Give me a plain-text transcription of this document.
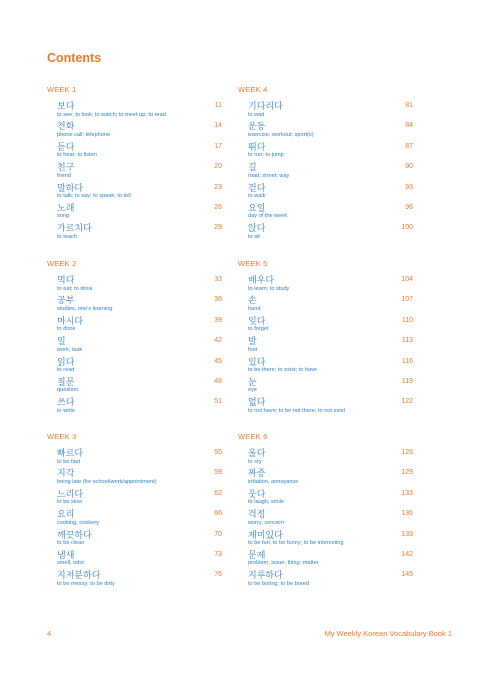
Contents
WEEK 1
보다
to see; to look; to watch; to meet up; to read
11
전화
phone call; telephone
14
듣다
to hear; to listen
17
친구
friend
20
말하다
to talk; to say; to speak; to tell
23
노래
song
26
가르치다
to teach
29
WEEK 2
먹다
to eat; to drink
33
공부
studies, one's learning
36
마시다
to drink
39
일
work; task
42
읽다
to read
45
질문
question
48
쓰다
to write
51
WEEK 3
빠르다
to be fast
55
지각
being late (for school/work/appointment)
59
느리다
to be slow
62
요리
cooking, cookery
66
깨끗하다
to be clean
70
냄새
smell, odor
73
지저분하다
to be messy; to be dirty
76
WEEK 4
기다리다
to wait
81
운동
exercise, workout; sport(s)
84
뛰다
to run; to jump
87
길
road, street; way
90
걷다
to walk
93
요일
day of the week
96
앉다
to sit
100
WEEK 5
배우다
to learn; to study
104
손
hand
107
잊다
to forget
110
발
foot
113
있다
to be there; to exist; to have
116
눈
eye
119
없다
to not have; to be not there; to not exist
122
WEEK 6
울다
to cry
126
짜증
irritation, annoyance
129
웃다
to laugh, smile
133
걱정
worry, concern
136
재미있다
to be fun; to be funny; to be interesting
139
문제
problem, issue; thing; matter
142
지루하다
to be boring; to be bored
145
4	My Weekly Korean Vocabulary Book 1
